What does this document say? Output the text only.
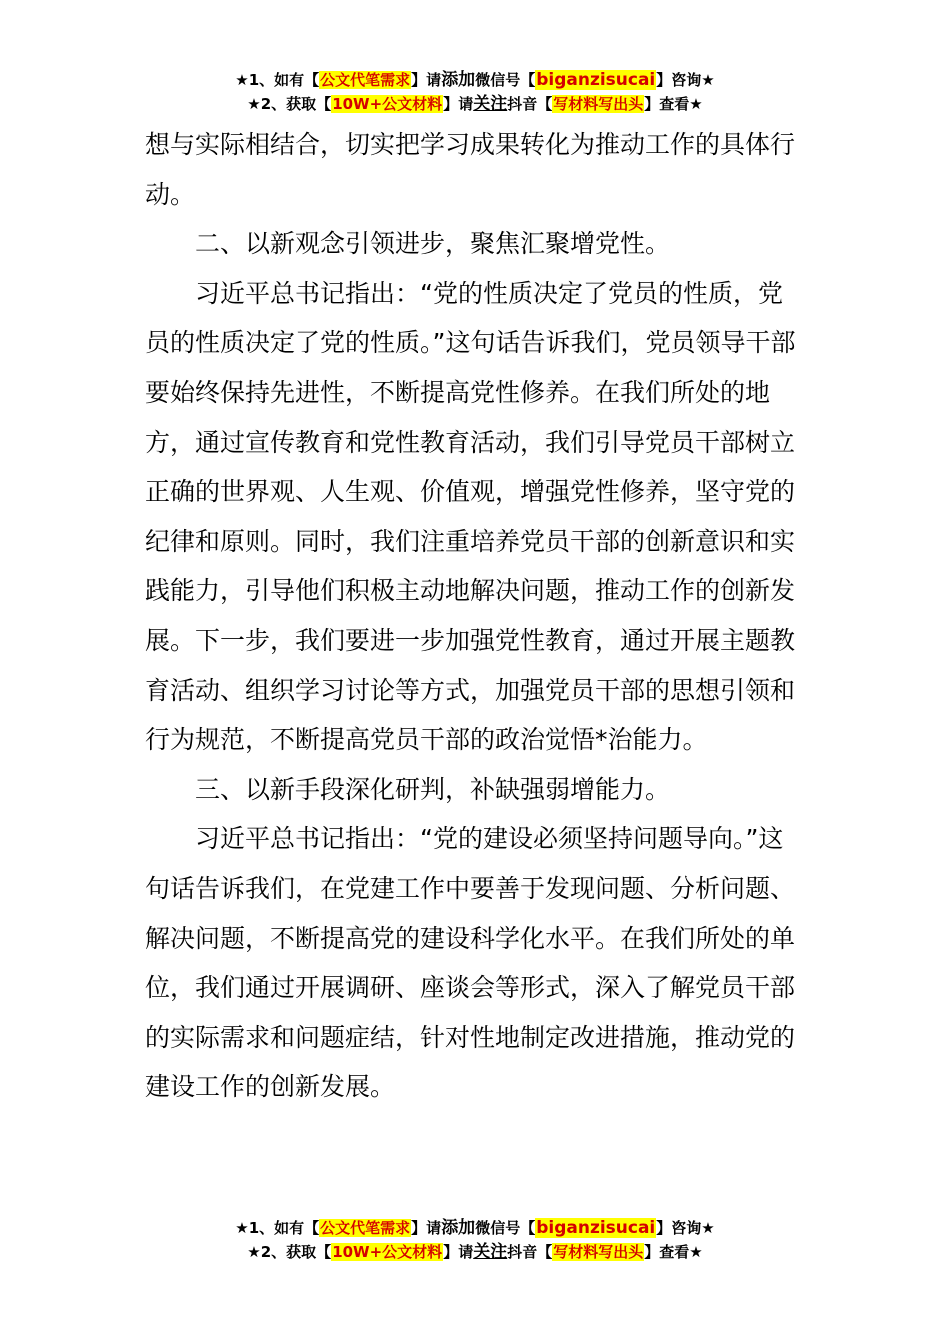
★1、如有【公文代笔需求】请添加微信号【biganzisucai】咨询★
★2、获取【10W+公文材料】请关注抖音【写材料写出头】查看★

想与实际相结合，切实把学习成果转化为推动工作的具体行动。

二、以新观念引领进步，聚焦汇聚增党性。

习近平总书记指出：“党的性质决定了党员的性质，党员的性质决定了党的性质。”这句话告诉我们，党员领导干部要始终保持先进性，不断提高党性修养。在我们所处的地方，通过宣传教育和党性教育活动，我们引导党员干部树立正确的世界观、人生观、价值观，增强党性修养，坚守党的纪律和原则。同时，我们注重培养党员干部的创新意识和实践能力，引导他们积极主动地解决问题，推动工作的创新发展。下一步，我们要进一步加强党性教育，通过开展主题教育活动、组织学习讨论等方式，加强党员干部的思想引领和行为规范，不断提高党员干部的政治觉悟*治能力。

三、以新手段深化研判，补缺强弱增能力。

习近平总书记指出：“党的建设必须坚持问题导向。”这句话告诉我们，在党建工作中要善于发现问题、分析问题、解决问题，不断提高党的建设科学化水平。在我们所处的单位，我们通过开展调研、座谈会等形式，深入了解党员干部的实际需求和问题症结，针对性地制定改进措施，推动党的建设工作的创新发展。

★1、如有【公文代笔需求】请添加微信号【biganzisucai】咨询★
★2、获取【10W+公文材料】请关注抖音【写材料写出头】查看★
